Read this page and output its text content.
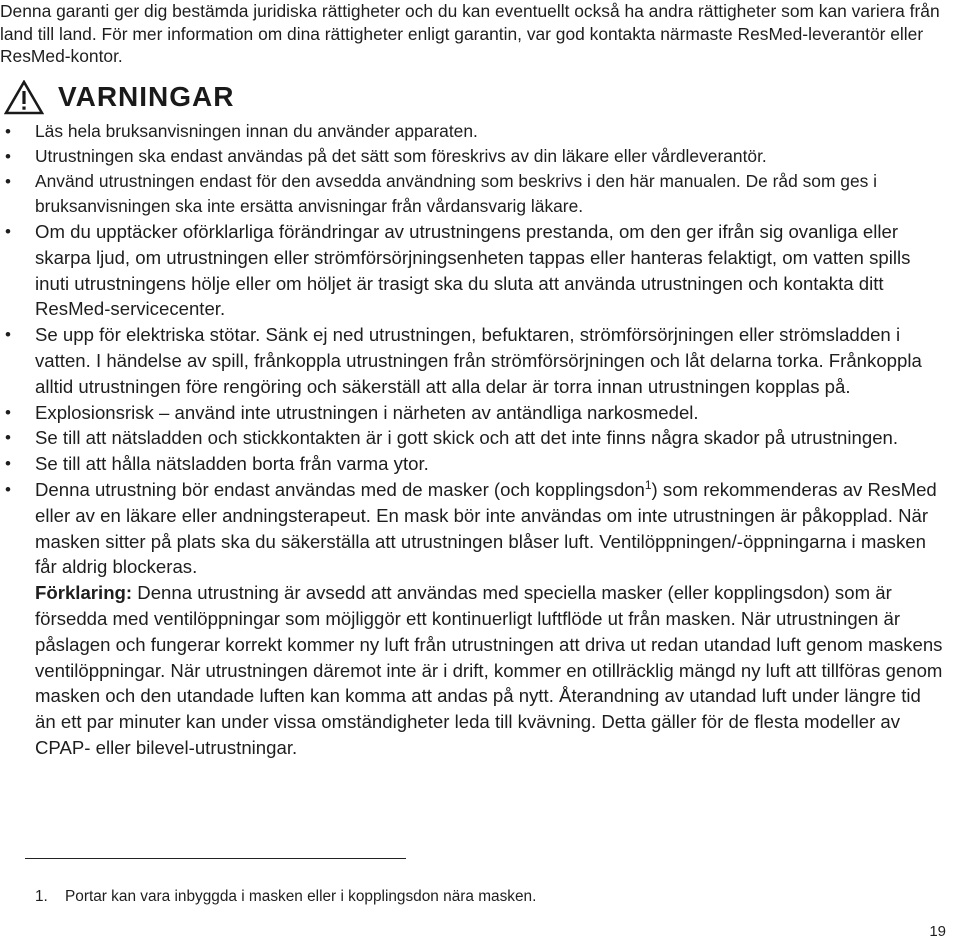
Denna garanti ger dig bestämda juridiska rättigheter och du kan eventuellt också ha andra rättigheter som kan variera från land till land. För mer information om dina rättigheter enligt garantin, var god kontakta närmaste ResMed-leverantör eller ResMed-kontor.

VARNINGAR
• Läs hela bruksanvisningen innan du använder apparaten.
• Utrustningen ska endast användas på det sätt som föreskrivs av din läkare eller vårdleverantör.
• Använd utrustningen endast för den avsedda användning som beskrivs i den här manualen. De råd som ges i bruksanvisningen ska inte ersätta anvisningar från vårdansvarig läkare.
• Om du upptäcker oförklarliga förändringar av utrustningens prestanda, om den ger ifrån sig ovanliga eller skarpa ljud, om utrustningen eller strömförsörjningsenheten tappas eller hanteras felaktigt, om vatten spills inuti utrustningens hölje eller om höljet är trasigt ska du sluta att använda utrustningen och kontakta ditt ResMed-servicecenter.
• Se upp för elektriska stötar. Sänk ej ned utrustningen, befuktaren, strömförsörjningen eller strömsladden i vatten. I händelse av spill, frånkoppla utrustningen från strömförsörjningen och låt delarna torka. Frånkoppla alltid utrustningen före rengöring och säkerställ att alla delar är torra innan utrustningen kopplas på.
• Explosionsrisk – använd inte utrustningen i närheten av antändliga narkosmedel.
• Se till att nätsladden och stickkontakten är i gott skick och att det inte finns några skador på utrustningen.
• Se till att hålla nätsladden borta från varma ytor.
• Denna utrustning bör endast användas med de masker (och kopplingsdon$^1$) som rekommenderas av ResMed eller av en läkare eller andningsterapeut. En mask bör inte användas om inte utrustningen är påkopplad. När masken sitter på plats ska du säkerställa att utrustningen blåser luft. Ventilöppningen/-öppningarna i masken får aldrig blockeras.
Förklaring: Denna utrustning är avsedd att användas med speciella masker (eller kopplingsdon) som är försedda med ventilöppningar som möjliggör ett kontinuerligt luftflöde ut från masken. När utrustningen är påslagen och fungerar korrekt kommer ny luft från utrustningen att driva ut redan utandad luft genom maskens ventilöppningar. När utrustningen däremot inte är i drift, kommer en otillräcklig mängd ny luft att tillföras genom masken och den utandade luften kan komma att andas på nytt. Återandning av utandad luft under längre tid än ett par minuter kan under vissa omständigheter leda till kvävning. Detta gäller för de flesta modeller av CPAP- eller bilevel-utrustningar.
1.	Portar kan vara inbyggda i masken eller i kopplingsdon nära masken.
19
